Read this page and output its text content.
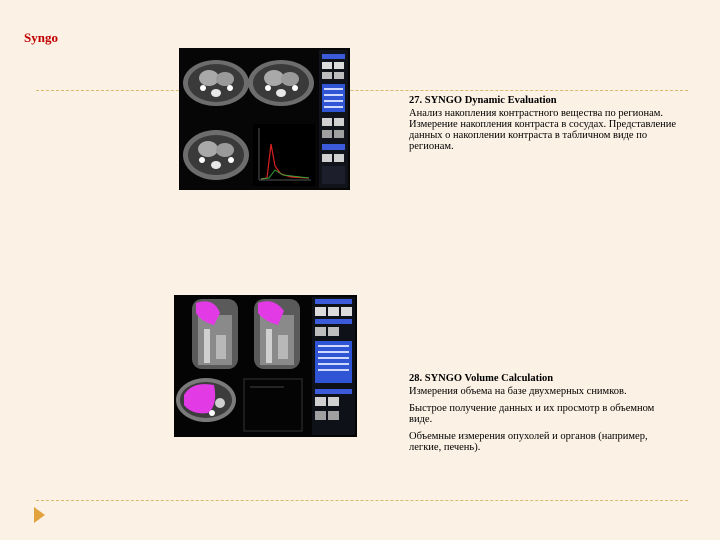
Syngo
27. SYNGO Dynamic Evaluation

Анализ накопления контрастного вещества по регионам. Измерение накопления контраста в сосудах. Представление данных о накоплении контраста в табличном виде по регионам.

28. SYNGO Volume Calculation

Измерения объема на базе двухмерных снимков.

Быстрое получение данных и их просмотр в объемном виде.

Объемные измерения опухолей и органов (например, легкие, печень).
